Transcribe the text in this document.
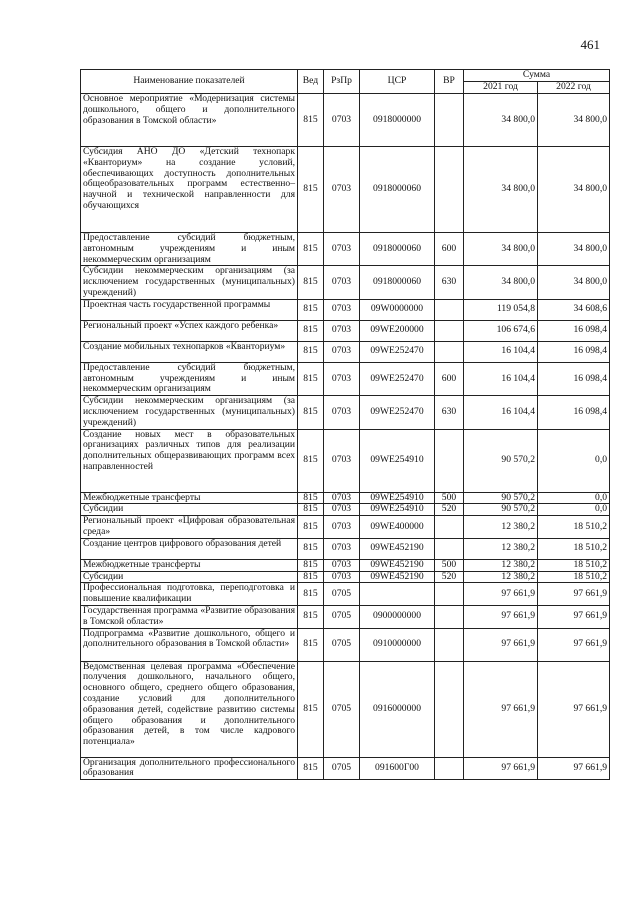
461
Наименование показателей	Вед	РзПр	ЦСР	ВР	Сумма	
					2021 год	2022 год
Основное мероприятие «Модернизация системы дошкольного, общего и дополнительного образования в Томской области»	815	0703	0918000000		34 800,0	34 800,0
Субсидия АНО ДО «Детский технопарк «Кванториум» на создание условий, обеспечивающих доступность дополнительных общеобразовательных программ естественно–научной и технической направленности для обучающихся	815	0703	0918000060		34 800,0	34 800,0
Предоставление субсидий бюджетным, автономным учреждениям и иным некоммерческим организациям	815	0703	0918000060	600	34 800,0	34 800,0
Субсидии некоммерческим организациям (за исключением государственных (муниципальных) учреждений)	815	0703	0918000060	630	34 800,0	34 800,0
Проектная часть государственной программы	815	0703	09W0000000		119 054,8	34 608,6
Региональный проект «Успех каждого ребенка»	815	0703	09WE200000		106 674,6	16 098,4
Создание мобильных технопарков «Кванториум»	815	0703	09WE252470		16 104,4	16 098,4
Предоставление субсидий бюджетным, автономным учреждениям и иным некоммерческим организациям	815	0703	09WE252470	600	16 104,4	16 098,4
Субсидии некоммерческим организациям (за исключением государственных (муниципальных) учреждений)	815	0703	09WE252470	630	16 104,4	16 098,4
Создание новых мест в образовательных организациях различных типов для реализации дополнительных общеразвивающих программ всех направленностей	815	0703	09WE254910		90 570,2	0,0
Межбюджетные трансферты	815	0703	09WE254910	500	90 570,2	0,0
Субсидии	815	0703	09WE254910	520	90 570,2	0,0
Региональный проект «Цифровая образовательная среда»	815	0703	09WE400000		12 380,2	18 510,2
Создание центров цифрового образования детей	815	0703	09WE452190		12 380,2	18 510,2
Межбюджетные трансферты	815	0703	09WE452190	500	12 380,2	18 510,2
Субсидии	815	0703	09WE452190	520	12 380,2	18 510,2
Профессиональная подготовка, переподготовка и повышение квалификации	815	0705			97 661,9	97 661,9
Государственная программа «Развитие образования в Томской области»	815	0705	0900000000		97 661,9	97 661,9
Подпрограмма «Развитие дошкольного, общего и дополнительного образования в Томской области»	815	0705	0910000000		97 661,9	97 661,9
Ведомственная целевая программа «Обеспечение получения дошкольного, начального общего, основного общего, среднего общего образования, создание условий для дополнительного образования детей, содействие развитию системы общего образования и дополнительного образования детей, в том числе кадрового потенциала»	815	0705	0916000000		97 661,9	97 661,9
Организация дополнительного профессионального образования	815	0705	091600Г00		97 661,9	97 661,9
